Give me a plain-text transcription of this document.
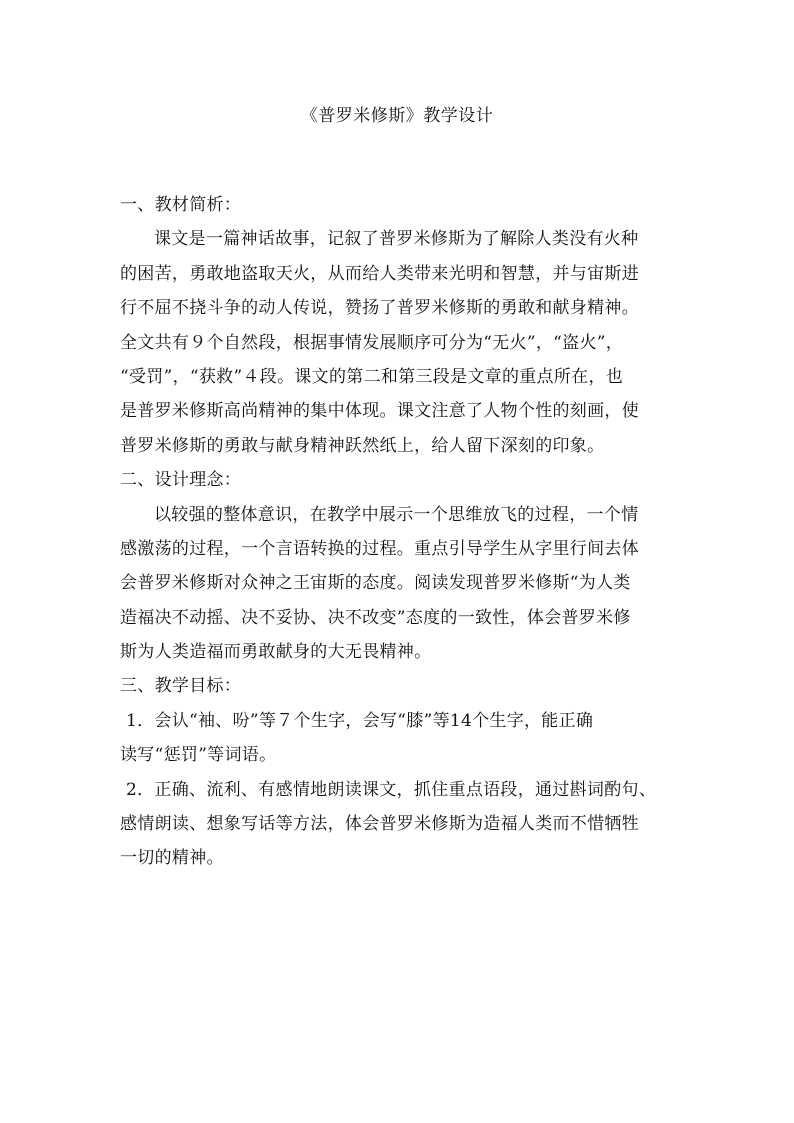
《普罗米修斯》教学设计
一、教材简析：
课文是一篇神话故事，记叙了普罗米修斯为了解除人类没有火种
的困苦，勇敢地盗取天火，从而给人类带来光明和智慧，并与宙斯进
行不屈不挠斗争的动人传说，赞扬了普罗米修斯的勇敢和献身精神。
全文共有９个自然段，根据事情发展顺序可分为“无火”，“盗火”，
“受罚”，“获救”４段。课文的第二和第三段是文章的重点所在，也
是普罗米修斯高尚精神的集中体现。课文注意了人物个性的刻画，使
普罗米修斯的勇敢与献身精神跃然纸上，给人留下深刻的印象。
二、设计理念：
以较强的整体意识，在教学中展示一个思维放飞的过程，一个情
感激荡的过程，一个言语转换的过程。重点引导学生从字里行间去体
会普罗米修斯对众神之王宙斯的态度。阅读发现普罗米修斯“为人类
造福决不动摇、决不妥协、决不改变”态度的一致性，体会普罗米修
斯为人类造福而勇敢献身的大无畏精神。
三、教学目标：
1．会认“袖、吩”等７个生字，会写“膝”等14个生字，能正确
读写“惩罚”等词语。
2．正确、流利、有感情地朗读课文，抓住重点语段，通过斟词酌句、
感情朗读、想象写话等方法，体会普罗米修斯为造福人类而不惜牺牲
一切的精神。
